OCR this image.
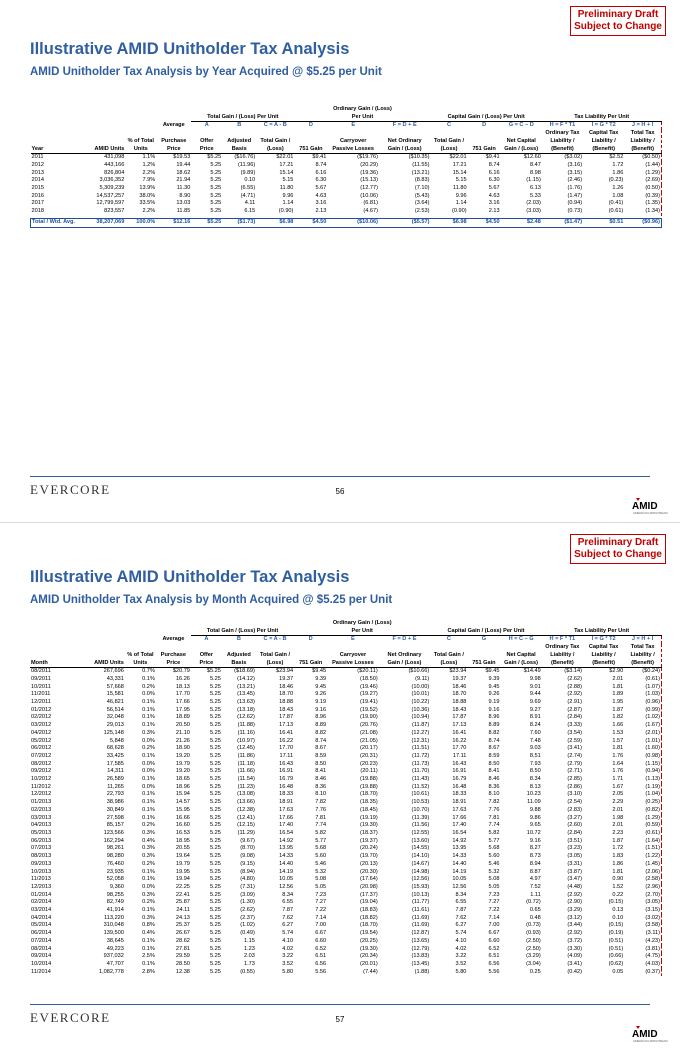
Preliminary Draft
Subject to Change
Illustrative AMID Unitholder Tax Analysis
AMID Unitholder Tax Analysis by Year Acquired @ $5.25 per Unit
				Total Gain / (Loss) Per Unit			Ordinary Gain / (Loss)
Per Unit			Capital Gain / (Loss) Per Unit			Tax Liability Per Unit		
			Average	A	B	C = A - B	D	E	F = D + E	C	D	G = C – D	H = F * T1	I = G * T2	J = H + I
Year	AMID Units	% of Total
Units	Purchase
Price	Offer
Price	Adjusted
Basis	Total Gain /
(Loss)	751 Gain	Carryover
Passive Losses	Net Ordinary
Gain / (Loss)	Total Gain /
(Loss)	751 Gain	Net Capital
Gain / (Loss)	Ordinary Tax
Liability /
(Benefit)	Capital Tax
Liability /
(Benefit)	Total Tax
Liability /
(Benefit)
2011	431,098	1.1%	$19.53	$5.25	($16.76)	$22.01	$9.41	($19.76)	($10.35)	$22.01	$9.41	$12.60	($3.02)	$2.52	($0.50)
2012	443,166	1.2%	19.44	5.25	(11.96)	17.21	8.74	(20.29)	(11.55)	17.21	8.74	8.47	(3.16)	1.72	(1.44)
2013	826,804	2.2%	18.62	5.25	(9.89)	15.14	6.16	(19.36)	(13.21)	15.14	6.16	8.98	(3.15)	1.86	(1.29)
2014	3,036,352	7.9%	21.94	5.25	0.10	5.15	6.30	(15.13)	(8.83)	5.15	6.30	(1.15)	(2.46)	(0.23)	(2.69)
2015	5,309,239	13.9%	11.30	5.25	(6.55)	11.80	5.67	(12.77)	(7.10)	11.80	5.67	6.13	(1.76)	1.26	(0.50)
2016	14,537,257	38.0%	8.90	5.25	(4.71)	9.96	4.63	(10.06)	(5.43)	9.96	4.63	5.33	(1.47)	1.08	(0.39)
2017	12,799,597	33.5%	13.03	5.25	4.11	1.14	3.16	(6.81)	(3.64)	1.14	3.16	(2.03)	(0.94)	(0.41)	(1.35)
2018	823,557	2.2%	11.85	5.25	6.15	(0.90)	2.13	(4.67)	(2.53)	(0.90)	2.13	(3.03)	(0.73)	(0.61)	(1.34)

Total / Wtd. Avg.	38,207,069	100.0%	$12.16	$5.25	($1.73)	$6.98	$4.50	($10.06)	($5.57)	$6.98	$4.50	$2.48	($1.47)	$0.51	($0.96)
EVERCORE	56
AMID
AMERICAN MIDSTREAM
Preliminary Draft
Subject to Change
Illustrative AMID Unitholder Tax Analysis
AMID Unitholder Tax Analysis by Month Acquired @ $5.25 per Unit
				Total Gain / (Loss) Per Unit			Ordinary Gain / (Loss)
Per Unit			Capital Gain / (Loss) Per Unit			Tax Liability Per Unit		
			Average	A	B	C = A - B	D	E	F = D + E	C	G	H = C – G	H = F * T1	I = G * T2	J = H + I
Month	AMID Units	% of Total
Units	Purchase
Price	Offer
Price	Adjusted
Basis	Total Gain /
(Loss)	751 Gain	Carryover
Passive Losses	Net Ordinary
Gain / (Loss)	Total Gain /
(Loss)	751 Gain	Net Capital
Gain / (Loss)	Ordinary Tax
Liability /
(Benefit)	Capital Tax
Liability /
(Benefit)	Total Tax
Liability /
(Benefit)
08/2011	267,696	0.7%	$20.79	$5.25	($18.69)	$23.94	$9.45	($20.11)	($10.66)	$23.94	$9.45	$14.49	($3.14)	$2.90	($0.24)
09/2011	43,331	0.1%	16.26	5.25	(14.12)	19.37	9.39	(18.50)	(9.11)	19.37	9.39	9.98	(2.62)	2.01	(0.61)
10/2011	57,668	0.2%	18.13	5.25	(13.21)	18.46	9.45	(19.46)	(10.00)	18.46	9.45	9.01	(2.88)	1.81	(1.07)
11/2011	15,581	0.0%	17.70	5.25	(13.45)	18.70	9.26	(19.27)	(10.01)	18.70	9.26	9.44	(2.92)	1.89	(1.03)
12/2011	46,821	0.1%	17.66	5.25	(13.63)	18.88	9.19	(19.41)	(10.22)	18.88	9.19	9.69	(2.91)	1.95	(0.96)
01/2012	56,514	0.1%	17.95	5.25	(13.18)	18.43	9.16	(19.52)	(10.36)	18.43	9.16	9.27	(2.87)	1.87	(0.99)
02/2012	32,048	0.1%	18.89	5.25	(12.62)	17.87	8.96	(19.90)	(10.94)	17.87	8.96	8.91	(2.84)	1.82	(1.02)
03/2012	29,013	0.1%	20.50	5.25	(11.88)	17.13	8.89	(20.76)	(11.87)	17.13	8.89	8.24	(3.33)	1.66	(1.67)
04/2012	125,148	0.3%	21.10	5.25	(11.16)	16.41	8.82	(21.08)	(12.27)	16.41	8.82	7.60	(3.54)	1.53	(2.01)
05/2012	5,848	0.0%	21.26	5.25	(10.97)	16.22	8.74	(21.05)	(12.31)	16.22	8.74	7.48	(2.59)	1.57	(1.01)
06/2012	68,628	0.2%	18.90	5.25	(12.45)	17.70	8.67	(20.17)	(11.51)	17.70	8.67	9.03	(3.41)	1.81	(1.60)
07/2012	33,425	0.1%	19.20	5.25	(11.86)	17.11	8.59	(20.31)	(11.72)	17.11	8.59	8.51	(2.74)	1.76	(0.98)
08/2012	17,585	0.0%	19.79	5.25	(11.18)	16.43	8.50	(20.23)	(11.73)	16.43	8.50	7.93	(2.79)	1.64	(1.15)
09/2012	14,311	0.0%	19.20	5.25	(11.66)	16.91	8.41	(20.11)	(11.70)	16.91	8.41	8.50	(2.71)	1.76	(0.94)
10/2012	26,589	0.1%	18.65	5.25	(11.54)	16.79	8.46	(19.88)	(11.43)	16.79	8.46	8.34	(2.85)	1.71	(1.13)
11/2012	11,265	0.0%	18.96	5.25	(11.23)	16.48	8.36	(19.88)	(11.52)	16.48	8.36	8.13	(2.86)	1.67	(1.19)
12/2012	22,793	0.1%	15.94	5.25	(13.08)	18.33	8.10	(18.70)	(10.61)	18.33	8.10	10.23	(3.10)	2.05	(1.04)
01/2013	38,986	0.1%	14.57	5.25	(13.66)	18.91	7.82	(18.35)	(10.53)	18.91	7.82	11.09	(2.54)	2.29	(0.25)
02/2013	30,849	0.1%	15.95	5.25	(12.38)	17.63	7.76	(18.45)	(10.70)	17.63	7.76	9.88	(2.83)	2.01	(0.82)
03/2013	27,598	0.1%	16.66	5.25	(12.41)	17.66	7.81	(19.19)	(11.39)	17.66	7.81	9.86	(3.27)	1.98	(1.29)
04/2013	85,157	0.2%	16.60	5.25	(12.15)	17.40	7.74	(19.30)	(11.56)	17.40	7.74	9.65	(2.60)	2.01	(0.59)
05/2013	123,566	0.3%	16.53	5.25	(11.29)	16.54	5.82	(18.37)	(12.55)	16.54	5.82	10.72	(2.84)	2.23	(0.61)
06/2013	162,294	0.4%	18.95	5.25	(9.67)	14.92	5.77	(19.37)	(13.60)	14.92	5.77	9.16	(3.51)	1.87	(1.64)
07/2013	98,261	0.3%	20.55	5.25	(8.70)	13.95	5.68	(20.24)	(14.55)	13.95	5.68	8.27	(3.23)	1.72	(1.51)
08/2013	98,280	0.3%	19.64	5.25	(9.08)	14.33	5.60	(19.70)	(14.10)	14.33	5.60	8.73	(3.05)	1.83	(1.22)
09/2013	76,460	0.2%	19.79	5.25	(9.15)	14.40	5.46	(20.13)	(14.67)	14.40	5.46	8.94	(3.31)	1.86	(1.45)
10/2013	23,935	0.1%	19.95	5.25	(8.94)	14.19	5.32	(20.30)	(14.98)	14.19	5.32	8.87	(3.87)	1.81	(2.06)
11/2013	52,058	0.1%	19.94	5.25	(4.80)	10.05	5.08	(17.64)	(12.56)	10.05	5.08	4.97	(3.47)	0.90	(2.58)
12/2013	9,360	0.0%	22.25	5.25	(7.31)	12.56	5.05	(20.98)	(15.93)	12.56	5.05	7.52	(4.48)	1.52	(2.96)
01/2014	98,255	0.3%	22.41	5.25	(3.09)	8.34	7.23	(17.37)	(10.13)	8.34	7.23	1.11	(2.92)	0.22	(2.70)
02/2014	82,749	0.2%	25.87	5.25	(1.30)	6.55	7.27	(19.04)	(11.77)	6.55	7.27	(0.72)	(2.90)	(0.15)	(3.05)
03/2014	41,914	0.1%	24.11	5.25	(2.62)	7.87	7.22	(18.83)	(11.61)	7.87	7.22	0.65	(3.29)	0.13	(3.15)
04/2014	113,220	0.3%	24.13	5.25	(2.37)	7.62	7.14	(18.82)	(11.69)	7.62	7.14	0.48	(3.12)	0.10	(3.02)
05/2014	310,048	0.8%	25.37	5.25	(1.02)	6.27	7.00	(18.70)	(11.69)	6.27	7.00	(0.73)	(3.44)	(0.15)	(3.58)
06/2014	139,500	0.4%	26.67	5.25	(0.49)	5.74	6.67	(19.54)	(12.87)	5.74	6.67	(0.93)	(2.92)	(0.19)	(3.11)
07/2014	38,645	0.1%	28.62	5.25	1.15	4.10	6.60	(20.25)	(13.65)	4.10	6.60	(2.50)	(3.72)	(0.51)	(4.23)
08/2014	49,223	0.1%	27.81	5.25	1.23	4.02	6.52	(19.30)	(12.79)	4.02	6.52	(2.50)	(3.30)	(0.51)	(3.81)
09/2014	937,032	2.5%	29.59	5.25	2.03	3.22	6.51	(20.34)	(13.83)	3.22	6.51	(3.29)	(4.09)	(0.66)	(4.75)
10/2014	47,707	0.1%	28.50	5.25	1.73	3.52	6.56	(20.01)	(13.45)	3.52	6.56	(3.04)	(3.41)	(0.62)	(4.03)
11/2014	1,082,778	2.8%	12.38	5.25	(0.55)	5.80	5.56	(7.44)	(1.88)	5.80	5.56	0.25	(0.42)	0.05	(0.37)
EVERCORE	57
AMID
AMERICAN MIDSTREAM
